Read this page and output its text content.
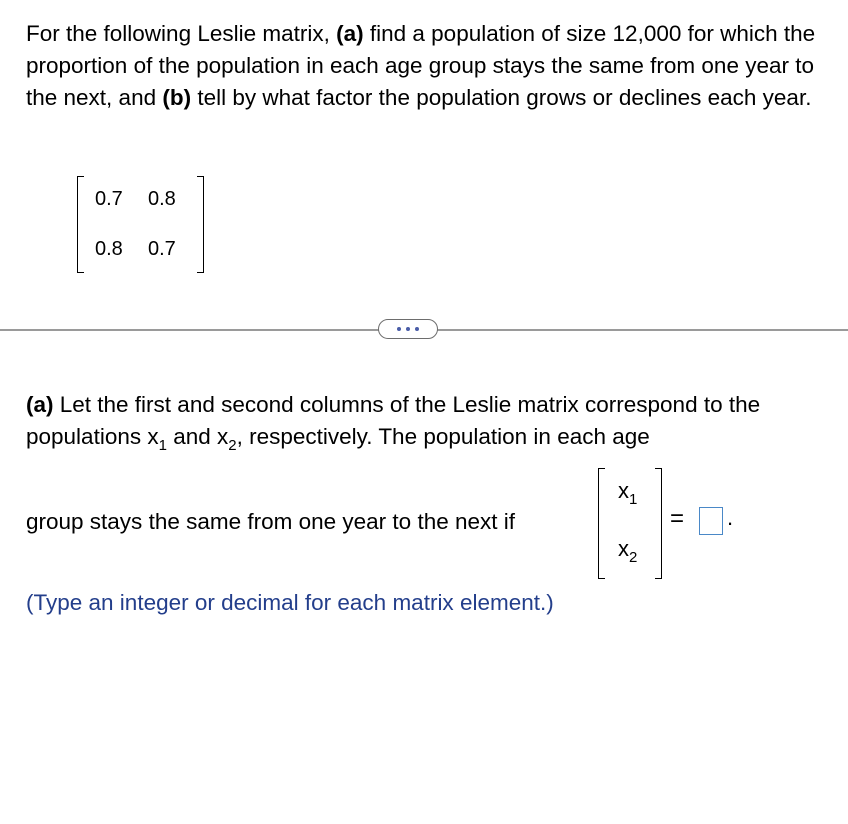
For the following Leslie matrix, (a) find a population of size 12,000 for which the proportion of the population in each age group stays the same from one year to the next, and (b) tell by what factor the population grows or declines each year.
0.7 0.8
0.8 0.7
(a) Let the first and second columns of the Leslie matrix correspond to the populations $x_1$ and $x_2$, respectively. The population in each age
group stays the same from one year to the next if
$x_1$
$x_2$
= .
(Type an integer or decimal for each matrix element.)
